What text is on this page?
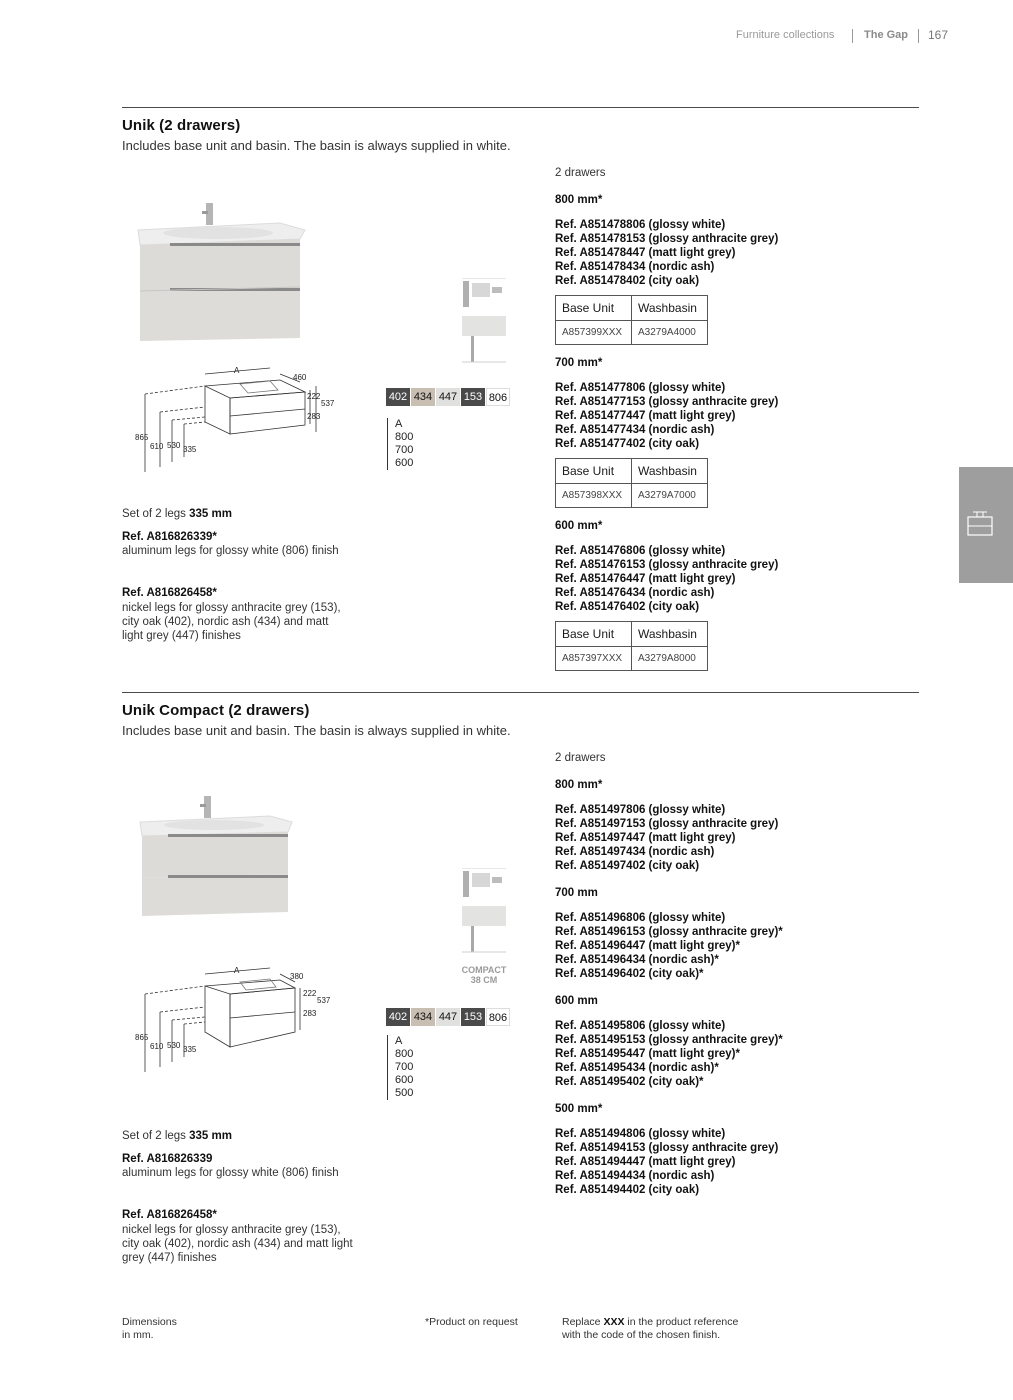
Furniture collections	The Gap 167
Unik (2 drawers)
Includes base unit and basin. The basin is always supplied in white.
A
460
222
537
283
865
610 530 335
402 434 447 153 806
A
800
700
600
Set of 2 legs 335 mm
Ref. A816826339*
aluminum legs for glossy white (806) finish
Ref. A816826458*
nickel legs for glossy anthracite grey (153),
city oak (402), nordic ash (434) and matt
light grey (447) finishes
2 drawers
800 mm*
Ref. A851478806 (glossy white)
Ref. A851478153 (glossy anthracite grey)
Ref. A851478447 (matt light grey)
Ref. A851478434 (nordic ash)
Ref. A851478402 (city oak)
Base Unit	Washbasin
A857399XXX	A3279A4000
700 mm*
Ref. A851477806 (glossy white)
Ref. A851477153 (glossy anthracite grey)
Ref. A851477447 (matt light grey)
Ref. A851477434 (nordic ash)
Ref. A851477402 (city oak)
Base Unit	Washbasin
A857398XXX	A3279A7000
600 mm*
Ref. A851476806 (glossy white)
Ref. A851476153 (glossy anthracite grey)
Ref. A851476447 (matt light grey)
Ref. A851476434 (nordic ash)
Ref. A851476402 (city oak)
Base Unit	Washbasin
A857397XXX	A3279A8000
Unik Compact (2 drawers)
Includes base unit and basin. The basin is always supplied in white.
A
380
222
537
283
865
610 530 335
COMPACT
38 CM
402 434 447 153 806
A
800
700
600
500
Set of 2 legs 335 mm
Ref. A816826339
aluminum legs for glossy white (806) finish
Ref. A816826458*
nickel legs for glossy anthracite grey (153),
city oak (402), nordic ash (434) and matt light
grey (447) finishes
2 drawers
800 mm*
Ref. A851497806 (glossy white)
Ref. A851497153 (glossy anthracite grey)
Ref. A851497447 (matt light grey)
Ref. A851497434 (nordic ash)
Ref. A851497402 (city oak)
700 mm
Ref. A851496806 (glossy white)
Ref. A851496153 (glossy anthracite grey)*
Ref. A851496447 (matt light grey)*
Ref. A851496434 (nordic ash)*
Ref. A851496402 (city oak)*
600 mm
Ref. A851495806 (glossy white)
Ref. A851495153 (glossy anthracite grey)*
Ref. A851495447 (matt light grey)*
Ref. A851495434 (nordic ash)*
Ref. A851495402 (city oak)*
500 mm*
Ref. A851494806 (glossy white)
Ref. A851494153 (glossy anthracite grey)
Ref. A851494447 (matt light grey)
Ref. A851494434 (nordic ash)
Ref. A851494402 (city oak)
Dimensions
in mm.
*Product on request	Replace XXX in the product reference
with the code of the chosen finish.
